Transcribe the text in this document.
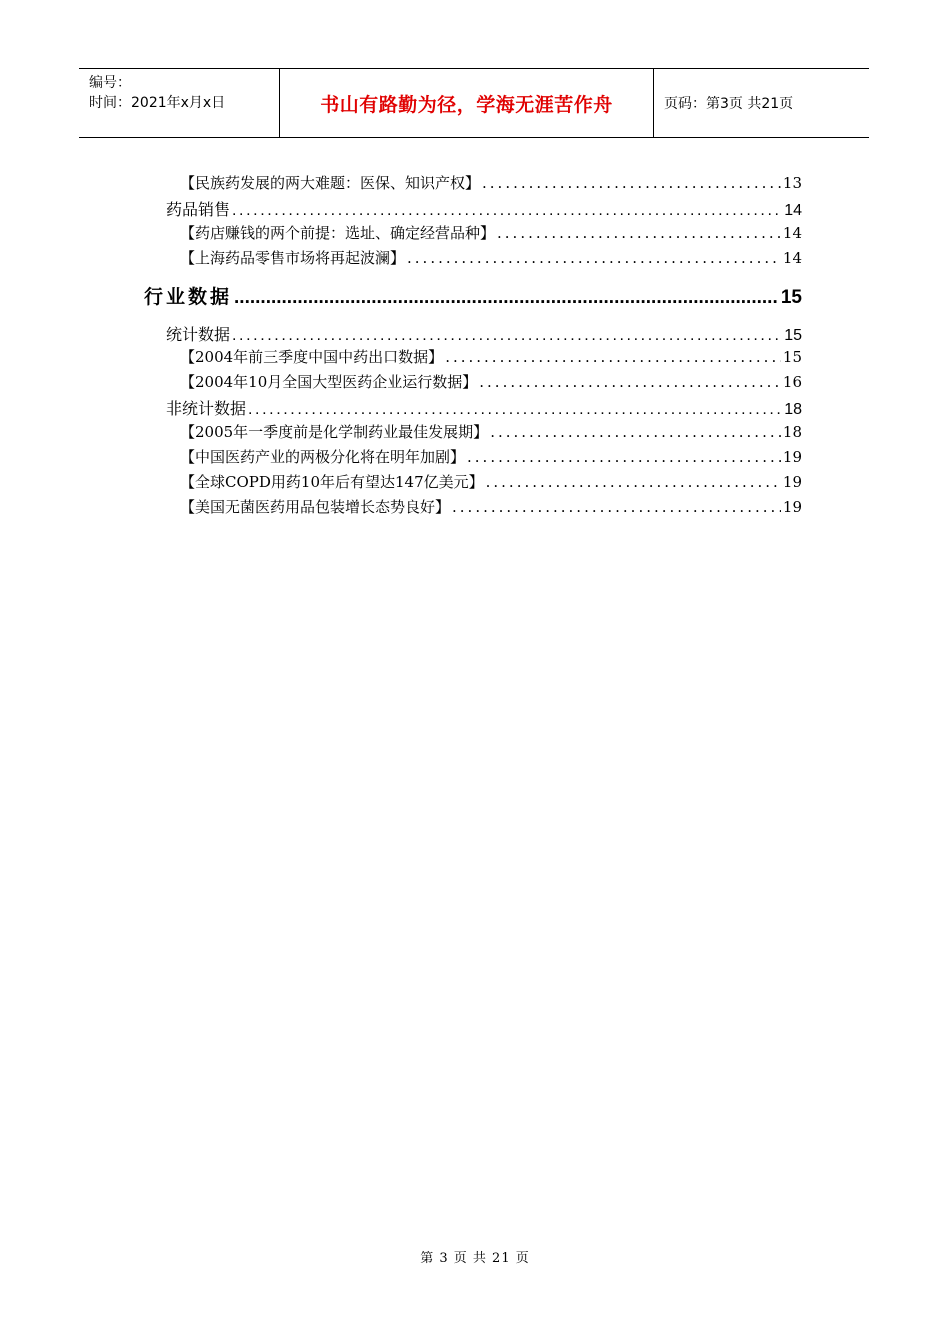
编号：
时间：2021年x月x日	书山有路勤为径，学海无涯苦作舟	页码：第3页 共21页
【民族药发展的两大难题：医保、知识产权】 .....	13
药品销售 .....	14
【药店赚钱的两个前提：选址、确定经营品种】 .....	14
【上海药品零售市场将再起波澜】 .....	14
行业数据 .....	15
统计数据 .....	15
【2004年前三季度中国中药出口数据】 .....	15
【2004年10月全国大型医药企业运行数据】 .....	16
非统计数据 .....	18
【2005年一季度前是化学制药业最佳发展期】 .....	18
【中国医药产业的两极分化将在明年加剧】 .....	19
【全球COPD用药10年后有望达147亿美元】 .....	19
【美国无菌医药用品包装增长态势良好】 .....	19
第 3 页 共 21 页
